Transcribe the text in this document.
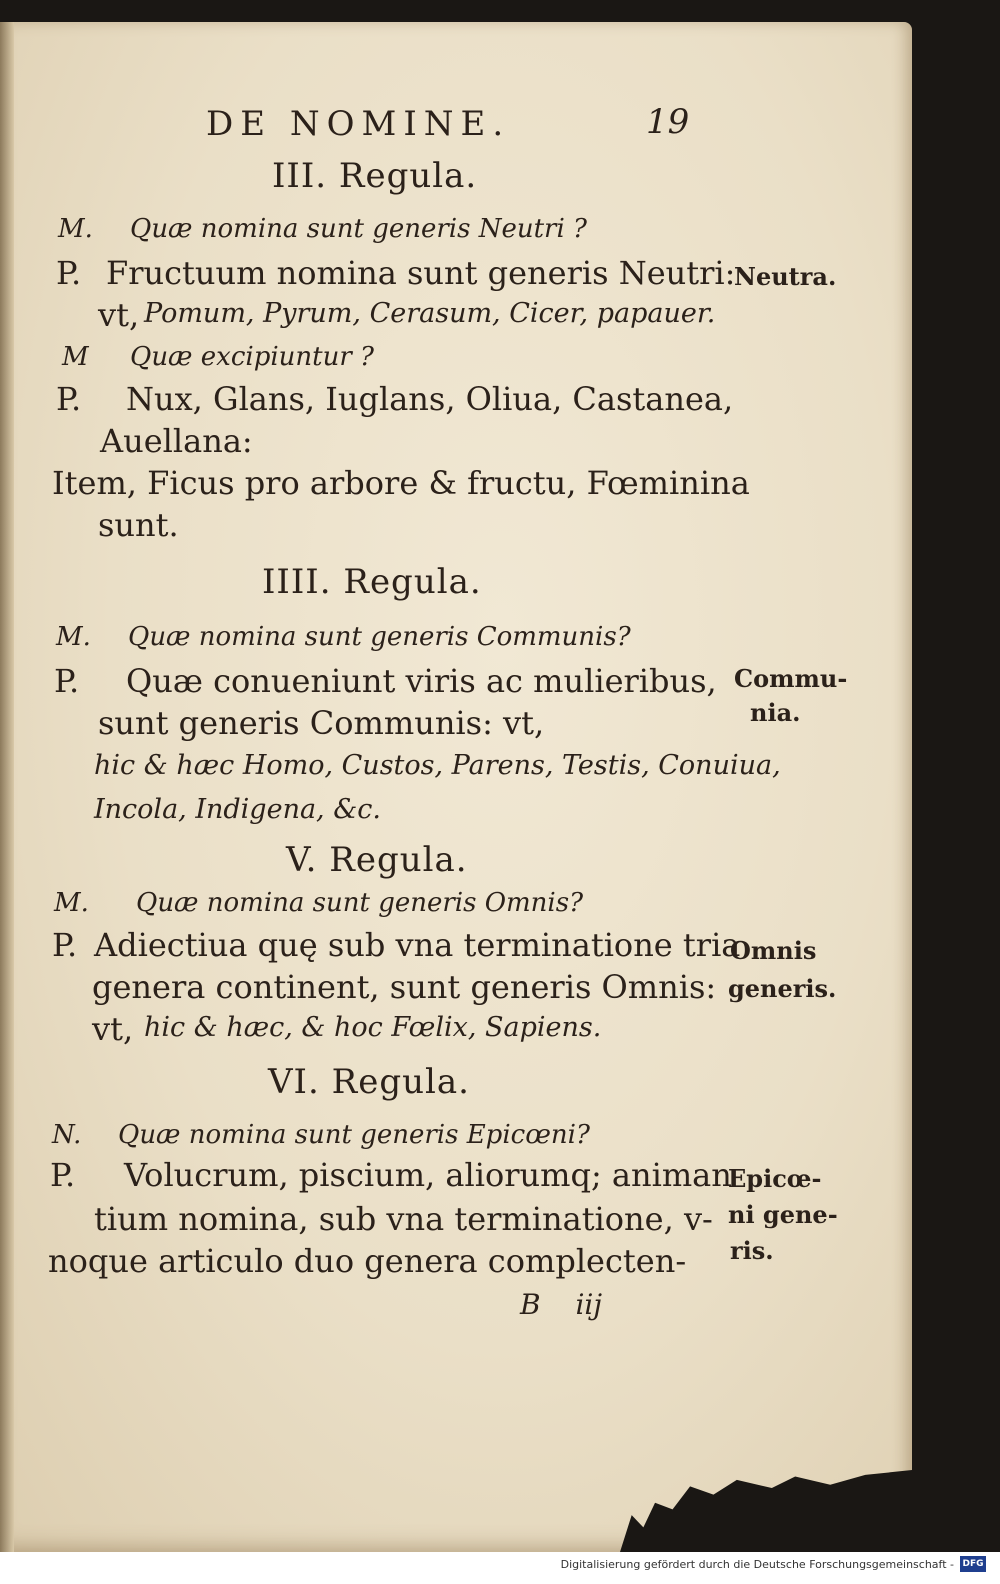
DE NOMINE.	19
III. Regula.
M. Quæ nomina sunt generis Neutri ?
P. Fructuum nomina sunt generis Neutri:
Neutra.
vt, Pomum, Pyrum, Cerasum, Cicer, papauer.
M Quæ excipiuntur ?
P. Nux, Glans, Iuglans, Oliua, Castanea,
Auellana:
Item, Ficus pro arbore & fructu, Fœminina
sunt.
IIII. Regula.
M. Quæ nomina sunt generis Communis?
P. Quæ conueniunt viris ac mulieribus, Commu-
nia.
sunt generis Communis: vt,
hic & hæc Homo, Custos, Parens, Testis, Conuiua,
Incola, Indigena, &c.
V. Regula.
M. Quæ nomina sunt generis Omnis?
P. Adiectiua quę sub vna terminatione tria
Omnis
generis.
genera continent, sunt generis Omnis:
vt, hic & hæc, & hoc Fœlix, Sapiens.
VI. Regula.
N. Quæ nomina sunt generis Epicœni?
P. Volucrum, piscium, aliorumq; animan
Epicœ-
ni gene-
ris.
tium nomina, sub vna terminatione, v-
noque articulo duo genera complecten-
B iij
Digitalisierung gefördert durch die Deutsche Forschungsgemeinschaft - DFG
